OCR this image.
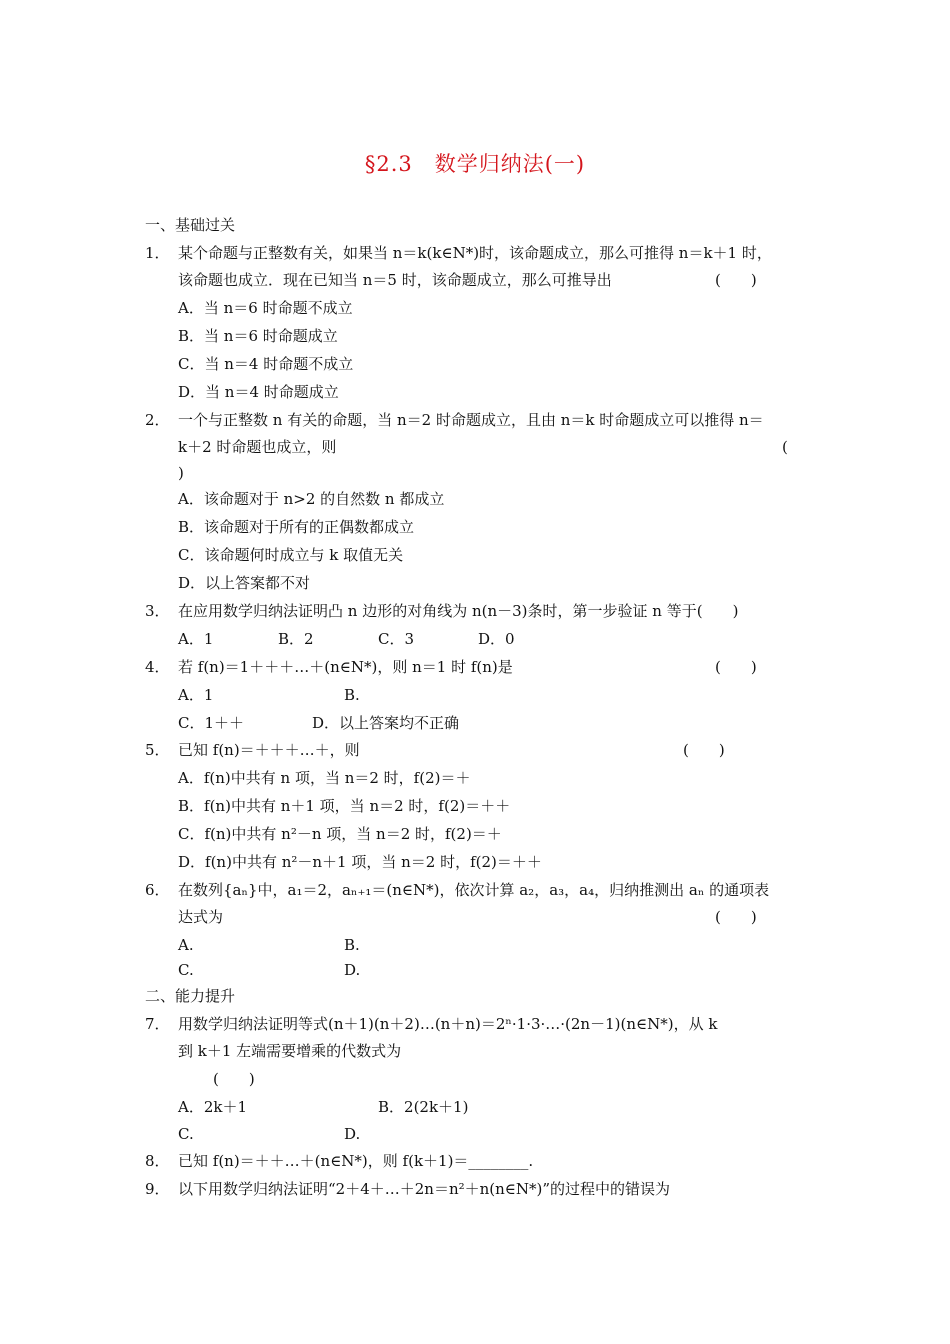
§2.3　数学归纳法(一)
一、基础过关
1． 某个命题与正整数有关，如果当 n＝k(k∈N*)时，该命题成立，那么可推得 n＝k＋1 时，
该命题也成立．现在已知当 n＝5 时，该命题成立，那么可推导出	(　　)
A．当 n＝6 时命题不成立
B．当 n＝6 时命题成立
C．当 n＝4 时命题不成立
D．当 n＝4 时命题成立
2． 一个与正整数 n 有关的命题，当 n＝2 时命题成立，且由 n＝k 时命题成立可以推得 n＝
k＋2 时命题也成立，则	(
)
A．该命题对于 n>2 的自然数 n 都成立
B．该命题对于所有的正偶数都成立
C．该命题何时成立与 k 取值无关
D．以上答案都不对
3． 在应用数学归纳法证明凸 n 边形的对角线为 n(n－3)条时，第一步验证 n 等于(　　)
A．1	B．2	C．3	D．0
4． 若 f(n)＝1＋＋＋…＋(n∈N*)，则 n＝1 时 f(n)是	(　　)
A．1	B.
C．1＋＋	D．以上答案均不正确
5． 已知 f(n)＝＋＋＋…＋，则	(　　)
A．f(n)中共有 n 项，当 n＝2 时，f(2)＝＋
B．f(n)中共有 n＋1 项，当 n＝2 时，f(2)＝＋＋
C．f(n)中共有 n²－n 项，当 n＝2 时，f(2)＝＋
D．f(n)中共有 n²－n＋1 项，当 n＝2 时，f(2)＝＋＋
6． 在数列{aₙ}中，a₁＝2，aₙ₊₁＝(n∈N*)，依次计算 a₂，a₃，a₄，归纳推测出 aₙ 的通项表
达式为	(　　)
A.	B.
C.	D.
二、能力提升
7． 用数学归纳法证明等式(n＋1)(n＋2)…(n＋n)＝2ⁿ·1·3·…·(2n－1)(n∈N*)，从 k
到 k＋1 左端需要增乘的代数式为
(　　)
A．2k＋1	B．2(2k＋1)
C.	D.
8． 已知 f(n)＝＋＋…＋(n∈N*)，则 f(k＋1)＝________.
9． 以下用数学归纳法证明“2＋4＋…＋2n＝n²＋n(n∈N*)”的过程中的错误为
